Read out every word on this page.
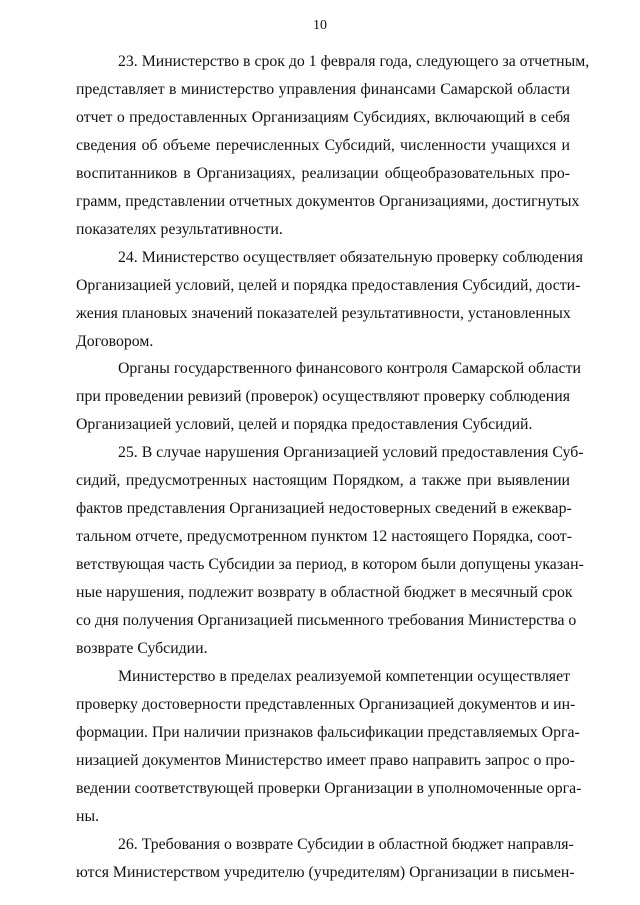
10
23. Министерство в срок до 1 февраля года, следующего за отчетным,
представляет в министерство управления финансами Самарской области
отчет о предоставленных Организациям Субсидиях, включающий в себя
сведения об объеме перечисленных Субсидий, численности учащихся и
воспитанников в Организациях, реализации общеобразовательных про-
грамм, представлении отчетных документов Организациями, достигнутых
показателях результативности.
24. Министерство осуществляет обязательную проверку соблюдения
Организацией условий, целей и порядка предоставления Субсидий, дости-
жения плановых значений показателей результативности, установленных
Договором.
Органы государственного финансового контроля Самарской области
при проведении ревизий (проверок) осуществляют проверку соблюдения
Организацией условий, целей и порядка предоставления Субсидий.
25. В случае нарушения Организацией условий предоставления Суб-
сидий, предусмотренных настоящим Порядком, а также при выявлении
фактов представления Организацией недостоверных сведений в ежеквар-
тальном отчете, предусмотренном пунктом 12 настоящего Порядка, соот-
ветствующая часть Субсидии за период, в котором были допущены указан-
ные нарушения, подлежит возврату в областной бюджет в месячный срок
со дня получения Организацией письменного требования Министерства о
возврате Субсидии.
Министерство в пределах реализуемой компетенции осуществляет
проверку достоверности представленных Организацией документов и ин-
формации. При наличии признаков фальсификации представляемых Орга-
низацией документов Министерство имеет право направить запрос о про-
ведении соответствующей проверки Организации в уполномоченные орга-
ны.
26. Требования о возврате Субсидии в областной бюджет направля-
ются Министерством учредителю (учредителям) Организации в письмен-
